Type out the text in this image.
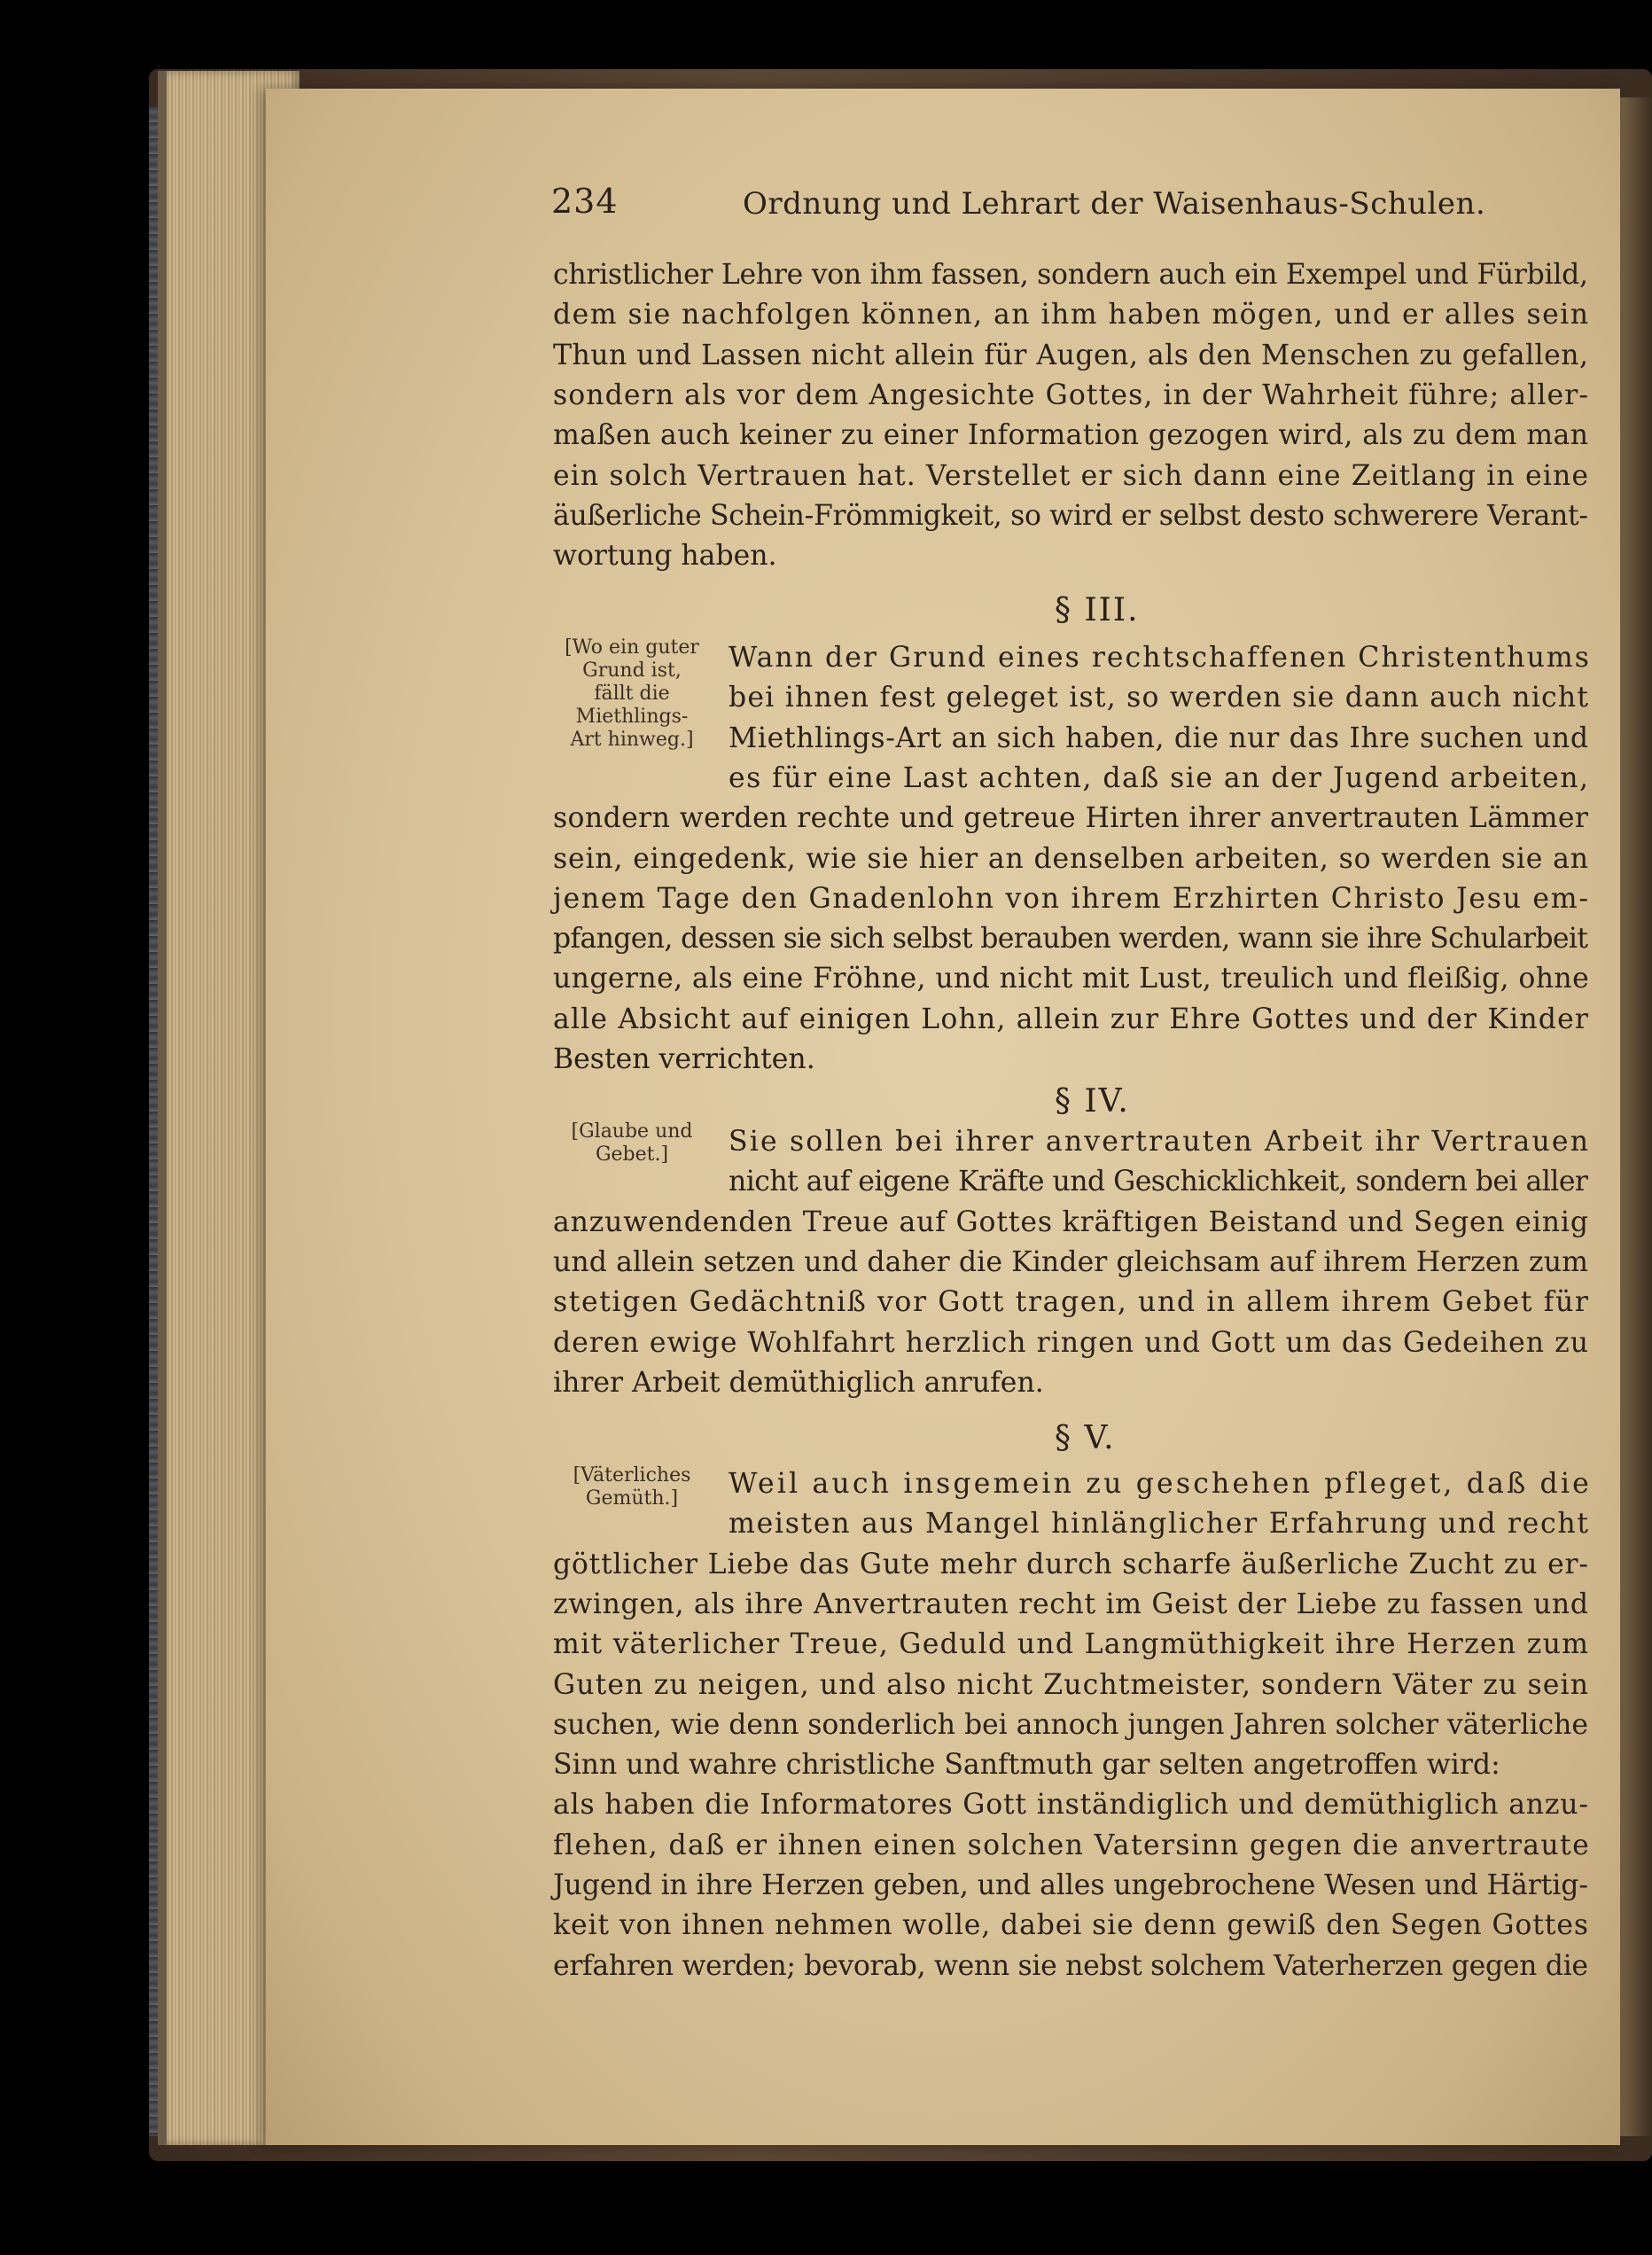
234	Ordnung und Lehrart der Waisenhaus-Schulen.
christlicher Lehre von ihm fassen, sondern auch ein Exempel und Fürbild,
dem sie nachfolgen können, an ihm haben mögen, und er alles sein
Thun und Lassen nicht allein für Augen, als den Menschen zu gefallen,
sondern als vor dem Angesichte Gottes, in der Wahrheit führe; aller-
maßen auch keiner zu einer Information gezogen wird, als zu dem man
ein solch Vertrauen hat. Verstellet er sich dann eine Zeitlang in eine
äußerliche Schein-Frömmigkeit, so wird er selbst desto schwerere Verant-
wortung haben.
§ III.
[Wo ein guter
Grund ist,
fällt die
Miethlings-
Art hinweg.]
Wann der Grund eines rechtschaffenen Christenthums
bei ihnen fest geleget ist, so werden sie dann auch nicht
Miethlings-Art an sich haben, die nur das Ihre suchen und
es für eine Last achten, daß sie an der Jugend arbeiten,
sondern werden rechte und getreue Hirten ihrer anvertrauten Lämmer
sein, eingedenk, wie sie hier an denselben arbeiten, so werden sie an
jenem Tage den Gnadenlohn von ihrem Erzhirten Christo Jesu em-
pfangen, dessen sie sich selbst berauben werden, wann sie ihre Schularbeit
ungerne, als eine Fröhne, und nicht mit Lust, treulich und fleißig, ohne
alle Absicht auf einigen Lohn, allein zur Ehre Gottes und der Kinder
Besten verrichten.
§ IV.
[Glaube und
Gebet.]	Sie sollen bei ihrer anvertrauten Arbeit ihr Vertrauen
nicht auf eigene Kräfte und Geschicklichkeit, sondern bei aller
anzuwendenden Treue auf Gottes kräftigen Beistand und Segen einig
und allein setzen und daher die Kinder gleichsam auf ihrem Herzen zum
stetigen Gedächtniß vor Gott tragen, und in allem ihrem Gebet für
deren ewige Wohlfahrt herzlich ringen und Gott um das Gedeihen zu
ihrer Arbeit demüthiglich anrufen.
§ V.
[Väterliches
Gemüth.]	Weil auch insgemein zu geschehen pfleget, daß die
meisten aus Mangel hinlänglicher Erfahrung und recht
göttlicher Liebe das Gute mehr durch scharfe äußerliche Zucht zu er-
zwingen, als ihre Anvertrauten recht im Geist der Liebe zu fassen und
mit väterlicher Treue, Geduld und Langmüthigkeit ihre Herzen zum
Guten zu neigen, und also nicht Zuchtmeister, sondern Väter zu sein
suchen, wie denn sonderlich bei annoch jungen Jahren solcher väterliche
Sinn und wahre christliche Sanftmuth gar selten angetroffen wird:
als haben die Informatores Gott inständiglich und demüthiglich anzu-
flehen, daß er ihnen einen solchen Vatersinn gegen die anvertraute
Jugend in ihre Herzen geben, und alles ungebrochene Wesen und Härtig-
keit von ihnen nehmen wolle, dabei sie denn gewiß den Segen Gottes
erfahren werden; bevorab, wenn sie nebst solchem Vaterherzen gegen die
